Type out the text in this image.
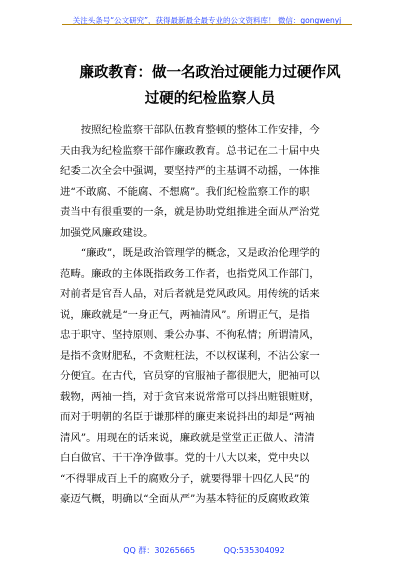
关注头条号“公文研究”，获得最新最全最专业的公文资料库！ 微信：gongwenyj
廉政教育：做一名政治过硬能力过硬作风
过硬的纪检监察人员
　　按照纪检监察干部队伍教育整顿的整体工作安排，今
天由我为纪检监察干部作廉政教育。总书记在二十届中央
纪委二次全会中强调，要坚持严的主基调不动摇，一体推
进“不敢腐、不能腐、不想腐”。我们纪检监察工作的职
责当中有很重要的一条，就是协助党组推进全面从严治党
加强党风廉政建设。
　　“廉政”，既是政治管理学的概念，又是政治伦理学的
范畴。廉政的主体既指政务工作者，也指党风工作部门，
对前者是官吾人品，对后者就是党风政风。用传统的话来
说，廉政就是“一身正气，两袖清风”。所谓正气，是指
忠于职守、坚持原则、秉公办事、不徇私情；所谓清风，
是指不贪财肥私，不贪赃枉法，不以权谋利，不沾公家一
分便宜。在古代，官员穿的官服袖子都很肥大，肥袖可以
载物，两袖一挡，对于贪官来说常常可以抖出赃银赃财，
而对于明朝的名臣于谦那样的廉吏来说抖出的却是“两袖
清风”。用现在的话来说，廉政就是堂堂正正做人、清清
白白做官、干干净净做事。党的十八大以来，党中央以
“不得罪成百上千的腐败分子，就要得罪十四亿人民”的
豪迈气概，明确以“全面从严”为基本特征的反腐败政策
QQ 群：30265665	QQ:535304092
